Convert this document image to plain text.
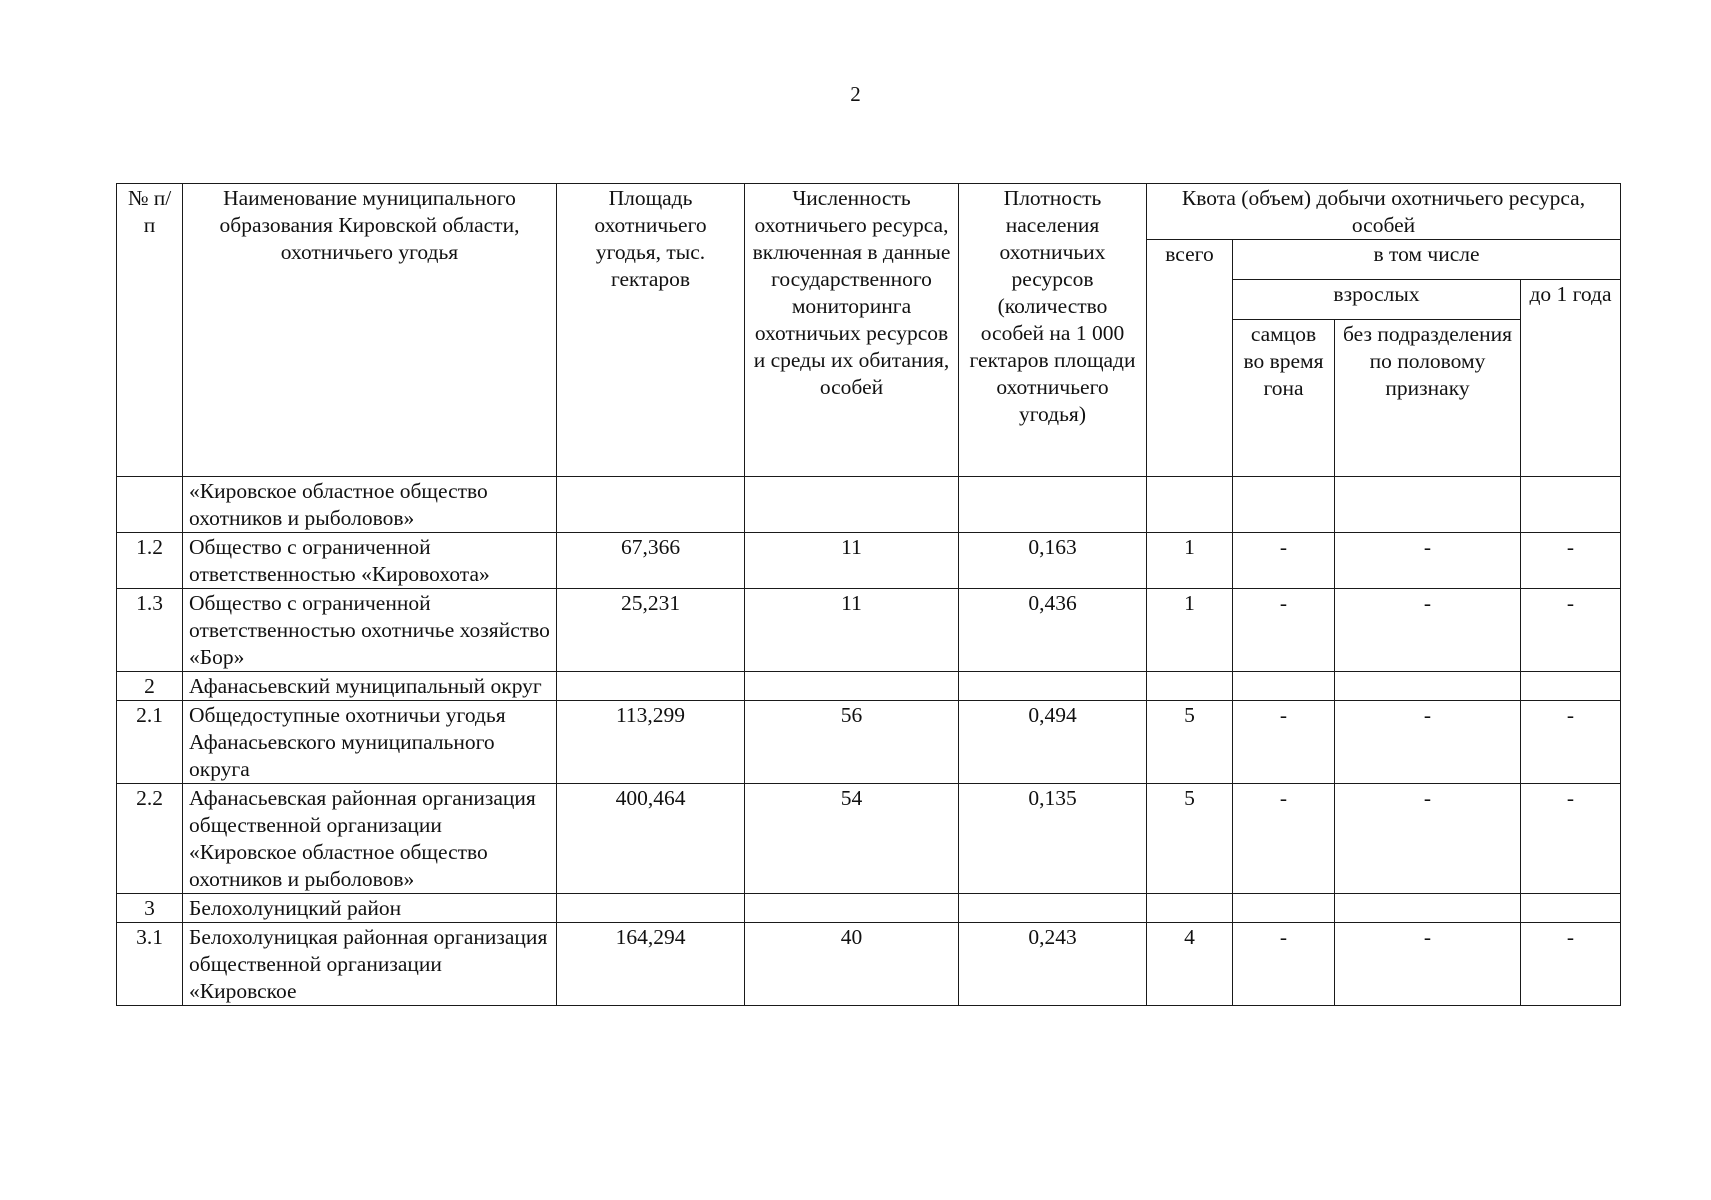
2
№ п/п	Наименование муниципального образования Кировской области, охотничьего угодья	Площадь охотничьего угодья, тыс. гектаров	Численность охотничьего ресурса, включенная в данные государственного мониторинга охотничьих ресурсов и среды их обитания, особей	Плотность населения охотничьих ресурсов (количество особей на 1 000 гектаров площади охотничьего угодья)	Квота (объем) добычи охотничьего ресурса, особей			
					всего	в том числе		
						взрослых		до 1 года
						самцов во время гона	без подразделения по половому признаку	
	«Кировское областное общество охотников и рыболовов»							
1.2	Общество с ограниченной ответственностью «Кировохота»	67,366	11	0,163	1	-	-	-
1.3	Общество с ограниченной ответственностью охотничье хозяйство «Бор»	25,231	11	0,436	1	-	-	-
2	Афанасьевский муниципальный округ							
2.1	Общедоступные охотничьи угодья Афанасьевского муниципального округа	113,299	56	0,494	5	-	-	-
2.2	Афанасьевская районная организация общественной организации «Кировское областное общество охотников и рыболовов»	400,464	54	0,135	5	-	-	-
3	Белохолуницкий район							
3.1	Белохолуницкая районная организация общественной организации «Кировское	164,294	40	0,243	4	-	-	-
